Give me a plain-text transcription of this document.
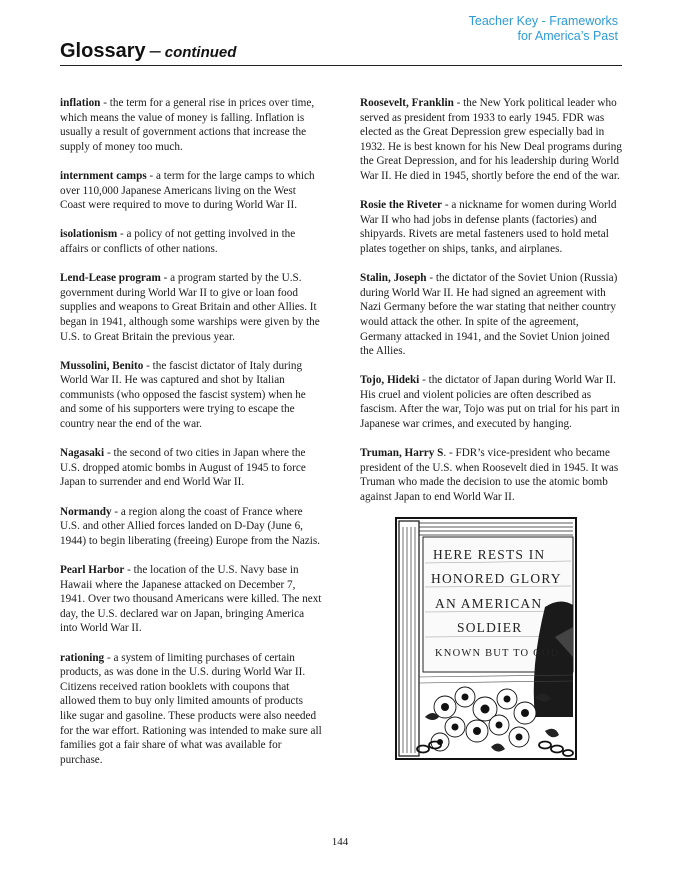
Teacher Key - Frameworks
for America’s Past
Glossary – continued

inflation - the term for a general rise in prices over time, which means the value of money is falling. Inflation is usually a result of government actions that increase the supply of money too much.

internment camps - a term for the large camps to which over 110,000 Japanese Americans living on the West Coast were required to move to during World War II.

isolationism - a policy of not getting involved in the affairs or conflicts of other nations.

Lend-Lease program - a program started by the U.S. government during World War II to give or loan food supplies and weapons to Great Britain and other Allies. It began in 1941, although some warships were given by the U.S. to Great Britain the previous year.

Mussolini, Benito - the fascist dictator of Italy during World War II. He was captured and shot by Italian communists (who opposed the fascist system) when he and some of his supporters were trying to escape the country near the end of the war.

Nagasaki - the second of two cities in Japan where the U.S. dropped atomic bombs in August of 1945 to force Japan to surrender and end World War II.

Normandy - a region along the coast of France where U.S. and other Allied forces landed on D-Day (June 6, 1944) to begin liberating (freeing) Europe from the Nazis.

Pearl Harbor - the location of the U.S. Navy base in Hawaii where the Japanese attacked on December 7, 1941. Over two thousand Americans were killed. The next day, the U.S. declared war on Japan, bringing America into World War II.

rationing - a system of limiting purchases of certain products, as was done in the U.S. during World War II. Citizens received ration booklets with coupons that allowed them to buy only limited amounts of products like sugar and gasoline. These products were also needed for the war effort. Rationing was intended to make sure all families got a fair share of what was available for purchase.

Roosevelt, Franklin - the New York political leader who served as president from 1933 to early 1945. FDR was elected as the Great Depression grew especially bad in 1932. He is best known for his New Deal programs during the Great Depression, and for his leadership during World War II. He died in 1945, shortly before the end of the war.

Rosie the Riveter - a nickname for women during World War II who had jobs in defense plants (factories) and shipyards. Rivets are metal fasteners used to hold metal plates together on ships, tanks, and airplanes.

Stalin, Joseph - the dictator of the Soviet Union (Russia) during World War II. He had signed an agreement with Nazi Germany before the war stating that neither country would attack the other. In spite of the agreement, Germany attacked in 1941, and the Soviet Union joined the Allies.

Tojo, Hideki - the dictator of Japan during World War II. His cruel and violent policies are often described as fascism. After the war, Tojo was put on trial for his part in Japanese war crimes, and executed by hanging.

Truman, Harry S. - FDR’s vice-president who became president of the U.S. when Roosevelt died in 1945. It was Truman who made the decision to use the atomic bomb against Japan to end World War II.

HERE RESTS IN
HONORED GLORY
AN AMERICAN
SOLDIER
KNOWN BUT TO GOD
144
